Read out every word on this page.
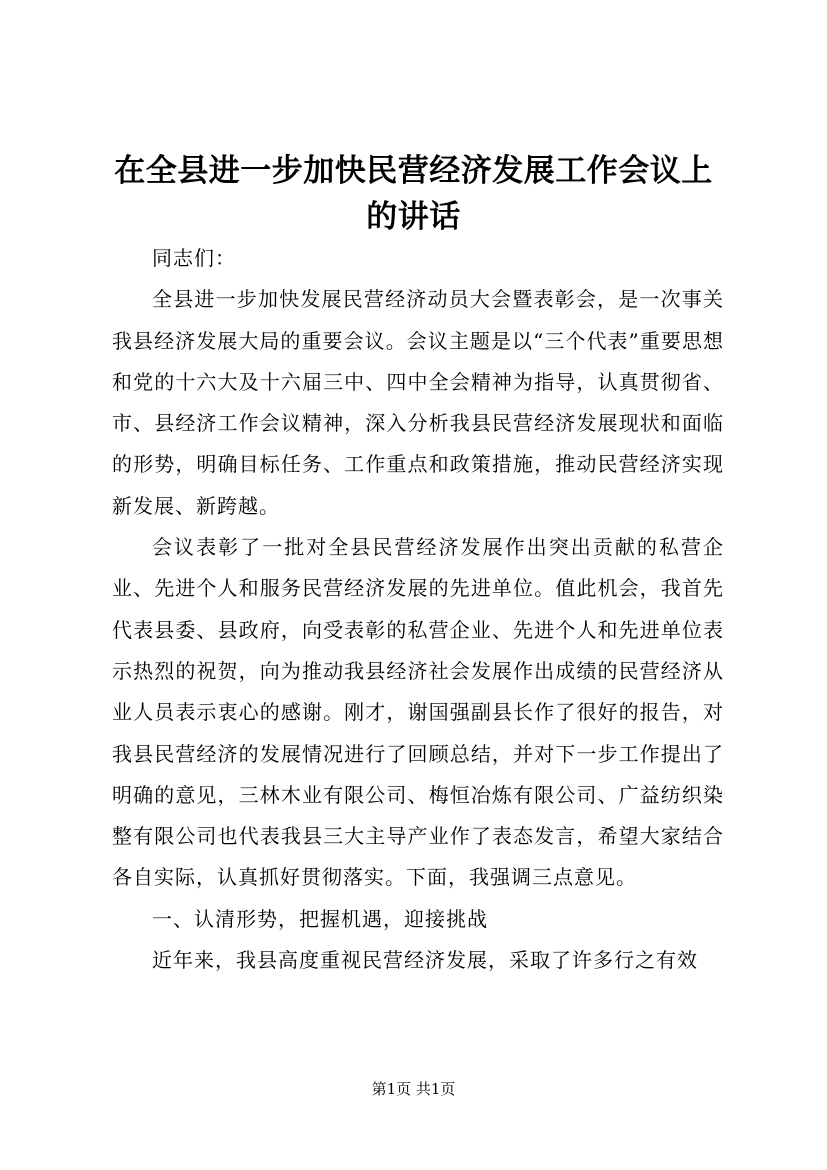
在全县进一步加快民营经济发展工作会议上的讲话

同志们：

全县进一步加快发展民营经济动员大会暨表彰会，是一次事关我县经济发展大局的重要会议。会议主题是以“三个代表”重要思想和党的十六大及十六届三中、四中全会精神为指导，认真贯彻省、市、县经济工作会议精神，深入分析我县民营经济发展现状和面临的形势，明确目标任务、工作重点和政策措施，推动民营经济实现新发展、新跨越。

会议表彰了一批对全县民营经济发展作出突出贡献的私营企业、先进个人和服务民营经济发展的先进单位。值此机会，我首先代表县委、县政府，向受表彰的私营企业、先进个人和先进单位表示热烈的祝贺，向为推动我县经济社会发展作出成绩的民营经济从业人员表示衷心的感谢。刚才，谢国强副县长作了很好的报告，对我县民营经济的发展情况进行了回顾总结，并对下一步工作提出了明确的意见，三林木业有限公司、梅恒冶炼有限公司、广益纺织染整有限公司也代表我县三大主导产业作了表态发言，希望大家结合各自实际，认真抓好贯彻落实。下面，我强调三点意见。

一、认清形势，把握机遇，迎接挑战

近年来，我县高度重视民营经济发展，采取了许多行之有效

第1页 共1页
